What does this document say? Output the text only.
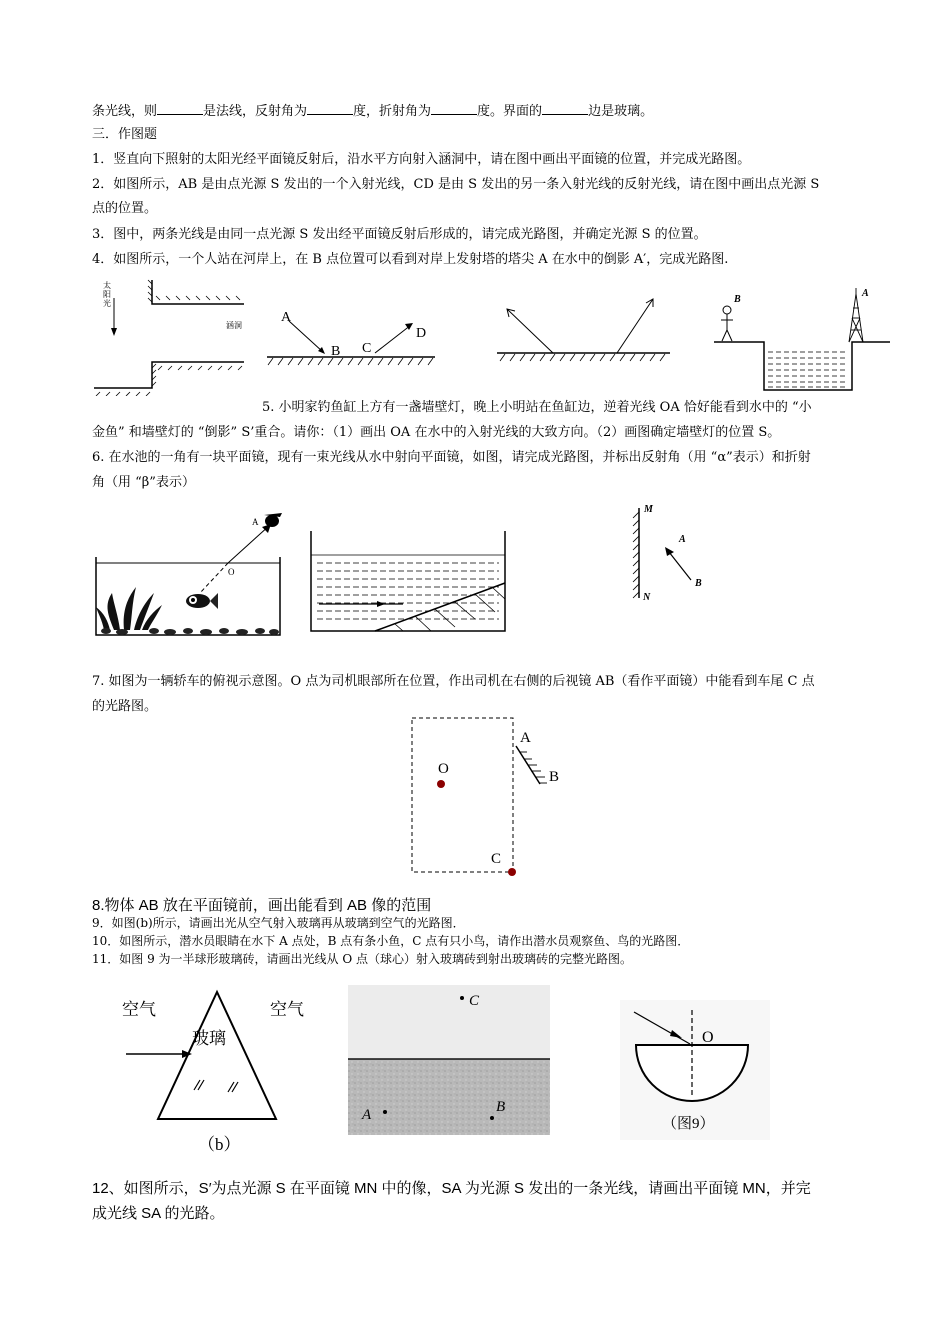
条光线，则	是法线，反射角为	度，折射角为	度。界面的	边是玻璃。
三．作图题
1．竖直向下照射的太阳光经平面镜反射后，沿水平方向射入涵洞中，请在图中画出平面镜的位置，并完成光路图。
2．如图所示，AB 是由点光源 S 发出的一个入射光线，CD 是由 S 发出的另一条入射光线的反射光线，请在图中画出点光源 S
点的位置。
3．图中，两条光线是由同一点光源 S 发出经平面镜反射后形成的，请完成光路图，并确定光源 S 的位置。
4．如图所示，一个人站在河岸上，在 B 点位置可以看到对岸上发射塔的塔尖 A 在水中的倒影 A′，完成光路图.
太阳光
涵洞
A
B C
D
B
A
5. 小明家钓鱼缸上方有一盏墙壁灯，晚上小明站在鱼缸边，逆着光线 OA 恰好能看到水中的 “小
金鱼” 和墙壁灯的 “倒影” S’重合。请你：（1）画出 OA 在水中的入射光线的大致方向。（2）画图确定墙壁灯的位置 S。
6. 在水池的一角有一块平面镜，现有一束光线从水中射向平面镜，如图，请完成光路图，并标出反射角（用 “α”表示）和折射
角（用 “β”表示）
O
A
M
N
A
B
7. 如图为一辆轿车的俯视示意图。O 点为司机眼部所在位置，作出司机在右侧的后视镜 AB（看作平面镜）中能看到车尾 C 点
的光路图。
A
B
O
C
8.物体 AB 放在平面镜前，画出能看到 AB 像的范围
9．如图(b)所示，请画出光从空气射入玻璃再从玻璃到空气的光路图．
10．如图所示，潜水员眼睛在水下 A 点处，B 点有条小鱼，C 点有只小鸟，请作出潜水员观察鱼、鸟的光路图．
11．如图 9 为一半球形玻璃砖，请画出光线从 O 点（球心）射入玻璃砖到射出玻璃砖的完整光路图。
空气	空气
玻璃
（b）
C
A	B
O
（图9）
12、如图所示，S′为点光源 S 在平面镜 MN 中的像，SA 为光源 S 发出的一条光线，请画出平面镜 MN，并完
成光线 SA 的光路。
